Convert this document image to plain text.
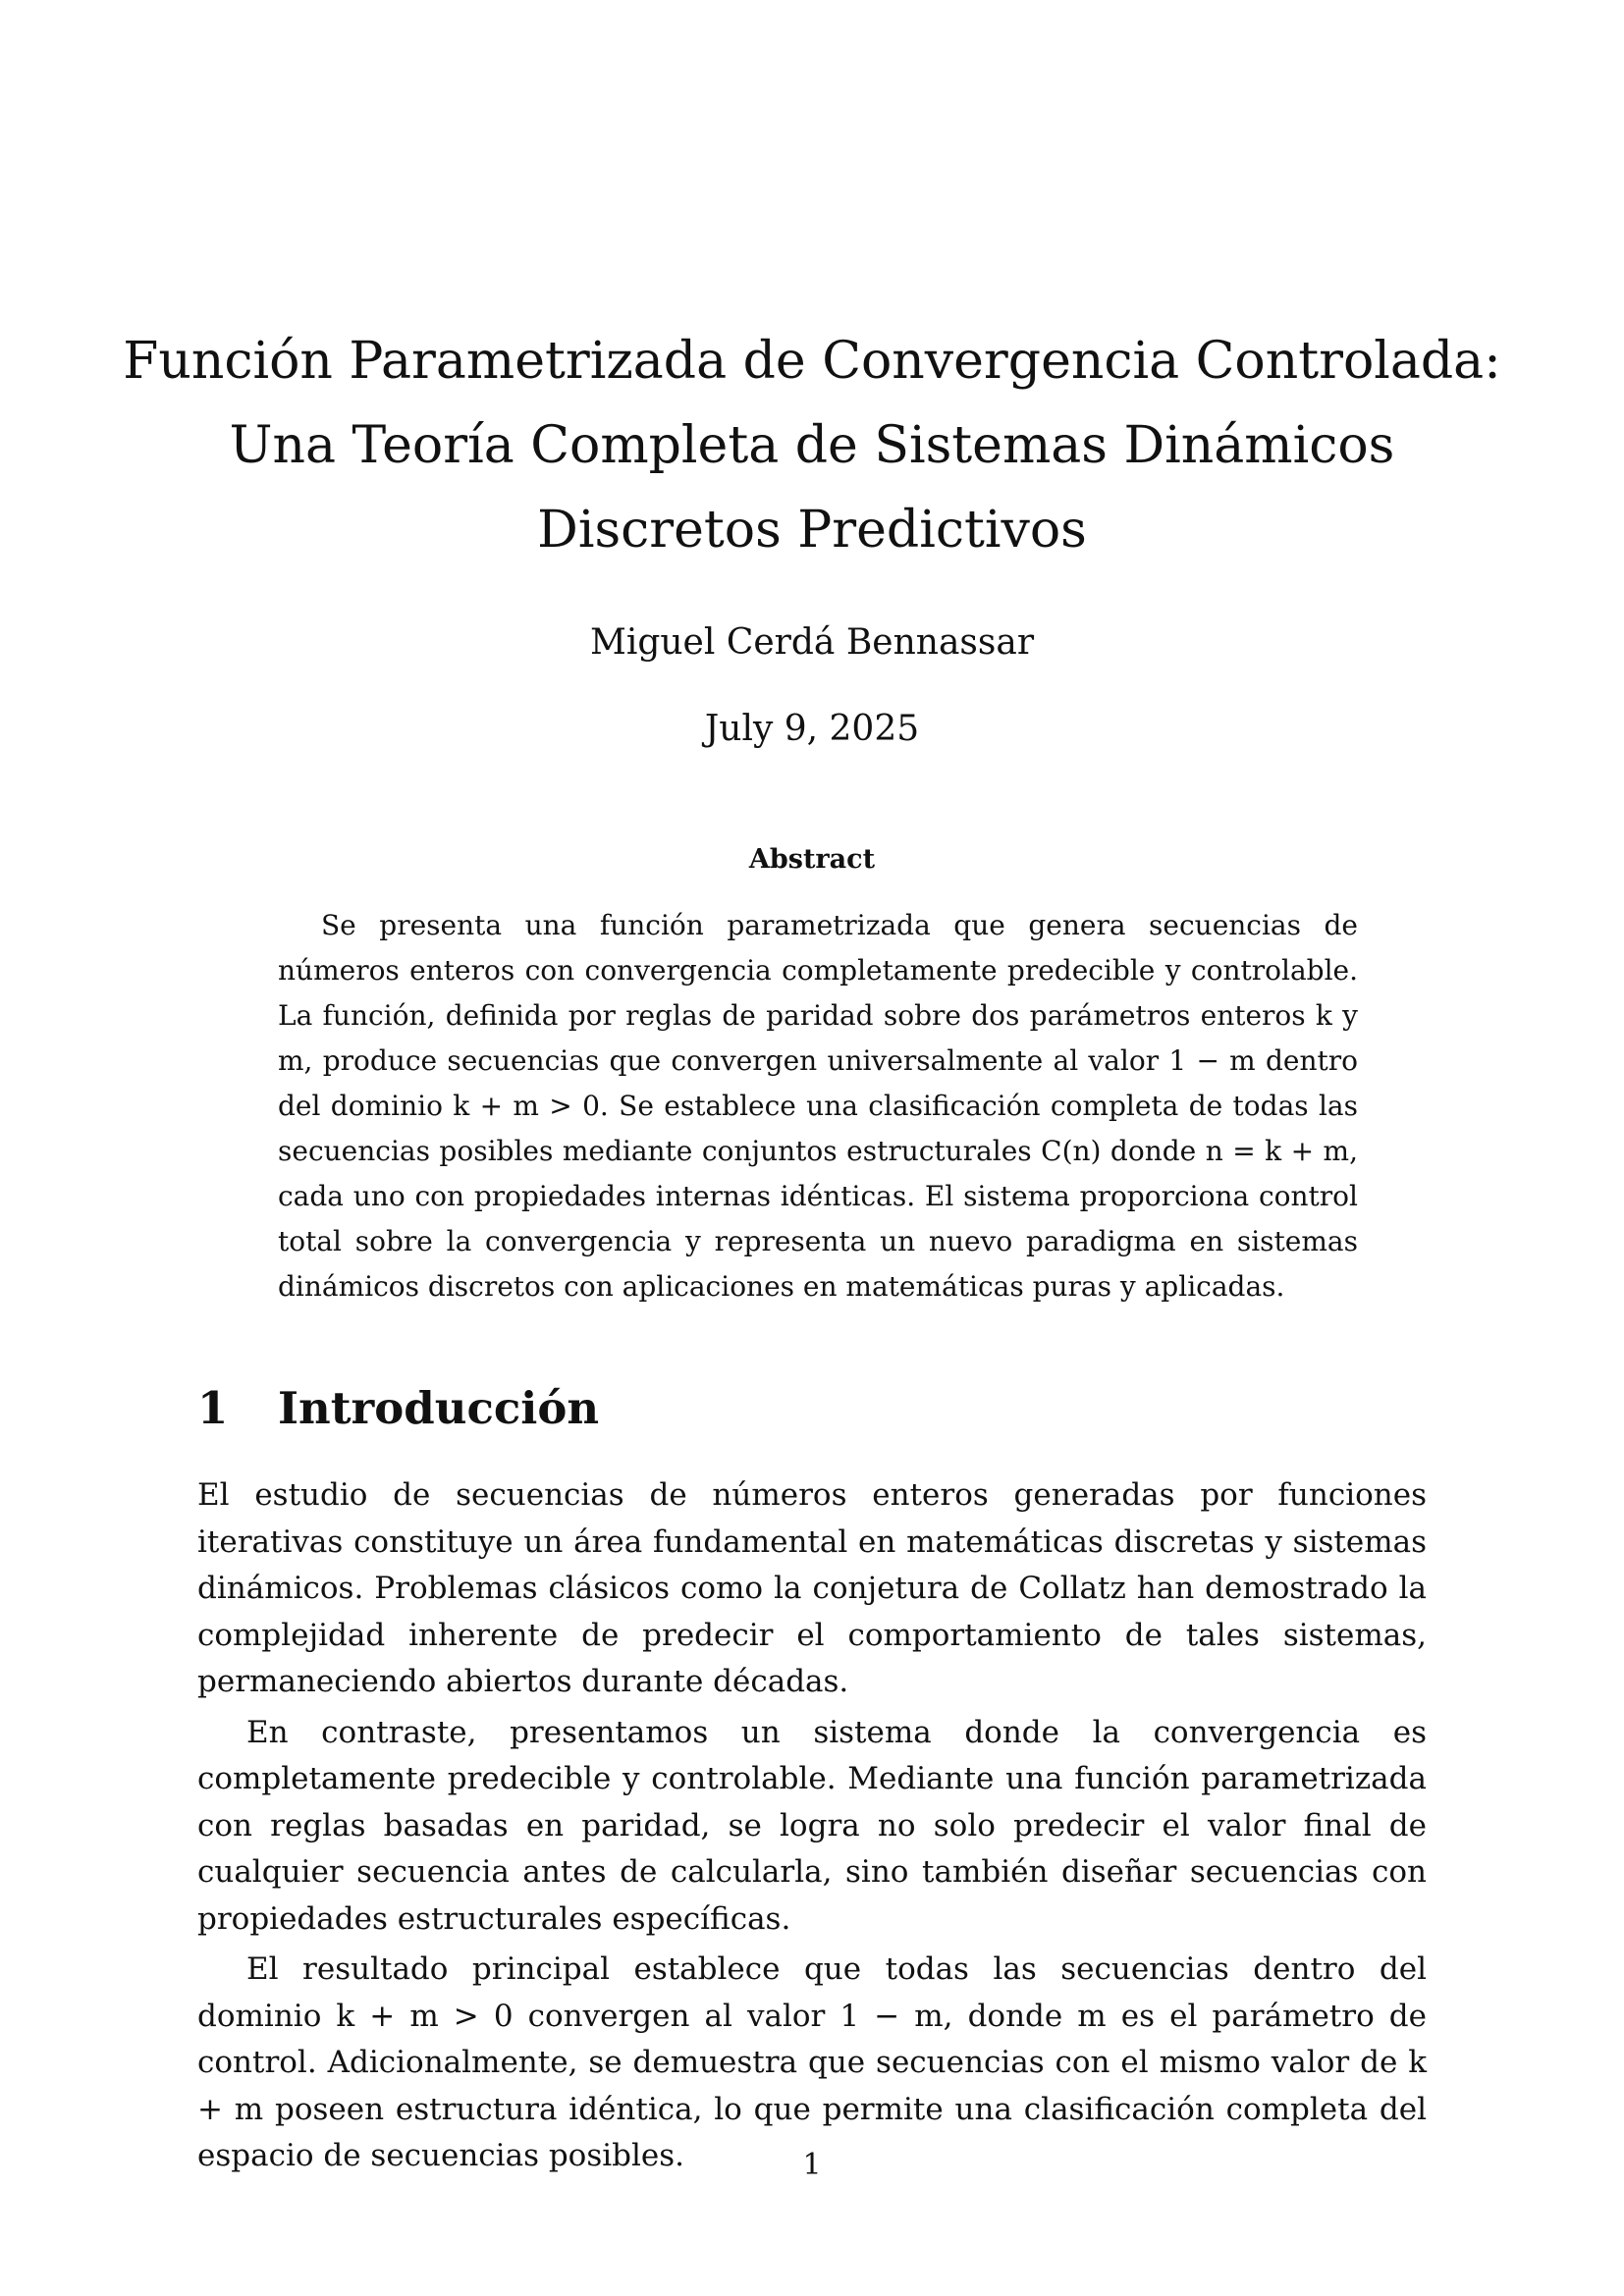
Función Parametrizada de Convergencia Controlada:
Una Teoría Completa de Sistemas Dinámicos
Discretos Predictivos
Miguel Cerdá Bennassar
July 9, 2025
Abstract
Se presenta una función parametrizada que genera secuencias de números enteros con convergencia completamente predecible y controlable. La función, definida por reglas de paridad sobre dos parámetros enteros k y m, produce secuencias que convergen universalmente al valor 1 − m dentro del dominio k + m > 0. Se establece una clasificación completa de todas las secuencias posibles mediante conjuntos estructurales C(n) donde n = k + m, cada uno con propiedades internas idénticas. El sistema proporciona control total sobre la convergencia y representa un nuevo paradigma en sistemas dinámicos discretos con aplicaciones en matemáticas puras y aplicadas.
1 Introducción

El estudio de secuencias de números enteros generadas por funciones iterativas constituye un área fundamental en matemáticas discretas y sistemas dinámicos. Problemas clásicos como la conjetura de Collatz han demostrado la complejidad inherente de predecir el comportamiento de tales sistemas, permaneciendo abiertos durante décadas.

En contraste, presentamos un sistema donde la convergencia es completamente predecible y controlable. Mediante una función parametrizada con reglas basadas en paridad, se logra no solo predecir el valor final de cualquier secuencia antes de calcularla, sino también diseñar secuencias con propiedades estructurales específicas.

El resultado principal establece que todas las secuencias dentro del dominio k + m > 0 convergen al valor 1 − m, donde m es el parámetro de control. Adicionalmente, se demuestra que secuencias con el mismo valor de k + m poseen estructura idéntica, lo que permite una clasificación completa del espacio de secuencias posibles.	1
